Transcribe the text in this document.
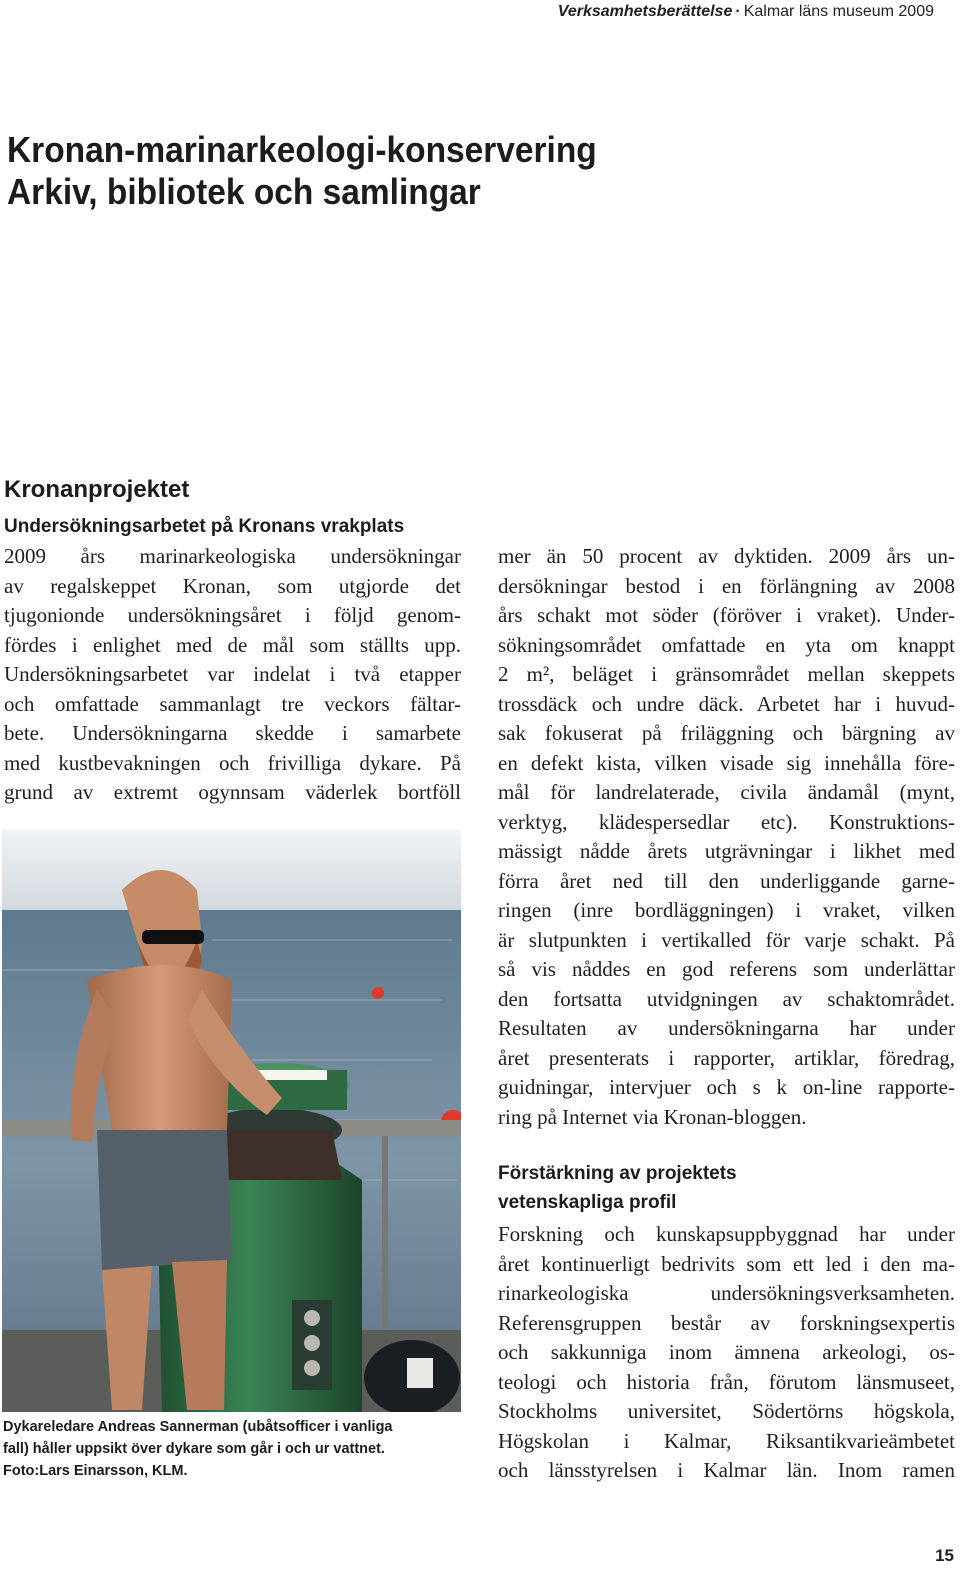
Verksamhetsberättelse · Kalmar läns museum 2009
Kronan-marinarkeologi-konservering
Arkiv, bibliotek och samlingar
Kronanprojektet
Undersökningsarbetet på Kronans vrakplats
2009 års marinarkeologiska undersökningar
av regalskeppet Kronan, som utgjorde det
tjugonionde undersökningsåret i följd genom-
fördes i enlighet med de mål som ställts upp.
Undersökningsarbetet var indelat i två etapper
och omfattade sammanlagt tre veckors fältar-
bete. Undersökningarna skedde i samarbete
med kustbevakningen och frivilliga dykare. På
grund av extremt ogynnsam väderlek bortföll

Dykareledare Andreas Sannerman (ubåtsofficer i vanliga
fall) håller uppsikt över dykare som går i och ur vattnet.
Foto:Lars Einarsson, KLM.

mer än 50 procent av dyktiden. 2009 års un-
dersökningar bestod i en förlängning av 2008
års schakt mot söder (föröver i vraket). Under-
sökningsområdet omfattade en yta om knappt
2 m², beläget i gränsområdet mellan skeppets
trossdäck och undre däck. Arbetet har i huvud-
sak fokuserat på friläggning och bärgning av
en defekt kista, vilken visade sig innehålla före-
mål för landrelaterade, civila ändamål (mynt,
verktyg, klädespersedlar etc). Konstruktions-
mässigt nådde årets utgrävningar i likhet med
förra året ned till den underliggande garne-
ringen (inre bordläggningen) i vraket, vilken
är slutpunkten i vertikalled för varje schakt. På
så vis nåddes en god referens som underlättar
den fortsatta utvidgningen av schaktområdet.
Resultaten av undersökningarna har under
året presenterats i rapporter, artiklar, föredrag,
guidningar, intervjuer och s k on-line rapporte-
ring på Internet via Kronan-bloggen.
Förstärkning av projektets
vetenskapliga profil
Forskning och kunskapsuppbyggnad har under
året kontinuerligt bedrivits som ett led i den ma-
rinarkeologiska undersökningsverksamheten.
Referensgruppen består av forskningsexpertis
och sakkunniga inom ämnena arkeologi, os-
teologi och historia från, förutom länsmuseet,
Stockholms universitet, Södertörns högskola,
Högskolan i Kalmar, Riksantikvarieämbetet
och länsstyrelsen i Kalmar län. Inom ramen
15
